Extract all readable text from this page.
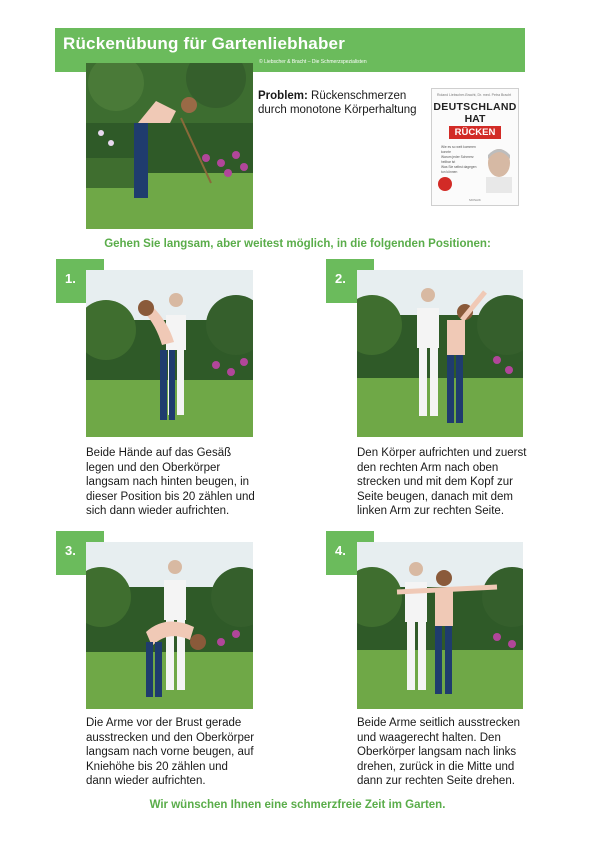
Rückenübung für Gartenliebhaber
© Liebscher & Bracht – Die Schmerzspezialisten
Problem: Rückenschmerzen durch monotone Körperhaltung
Roland Liebscher-Bracht, Dr. med. Petra Bracht
DEUTSCHLAND
HAT
RÜCKEN
Wie es so weit kommen konnte
Warum jeder Schmerz heilbar ist
Was Sie selbst dagegen tun können
MOSAIK
Gehen Sie langsam, aber weitest möglich, in die folgenden Positionen:
1.
Beide Hände auf das Gesäß legen und den Oberkörper langsam nach hinten beugen, in dieser Position bis 20 zählen und sich dann wieder aufrichten.
2.
Den Körper aufrichten und zuerst den rechten Arm nach oben strecken und mit dem Kopf zur Seite beugen, danach mit dem linken Arm zur rechten Seite.
3.
Die Arme vor der Brust gerade ausstrecken und den Oberkörper langsam nach vorne beugen, auf Kniehöhe bis 20 zählen und dann wieder aufrichten.
4.
Beide Arme seitlich ausstrecken und waagerecht halten. Den Oberkörper langsam nach links drehen, zurück in die Mitte und dann zur rechten Seite drehen.
Wir wünschen Ihnen eine schmerzfreie Zeit im Garten.
